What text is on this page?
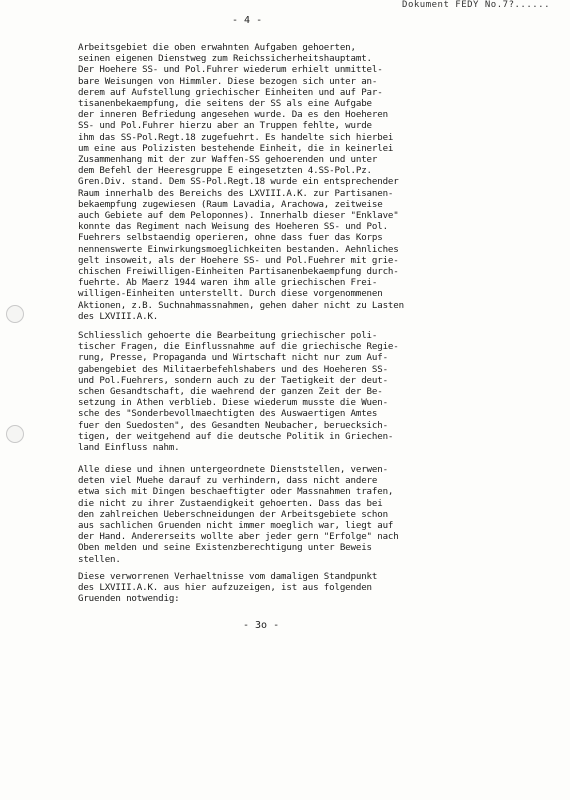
Dokument FEDY No.7?......
- 4 -
Arbeitsgebiet die oben erwahnten Aufgaben gehoerten,
seinen eigenen Dienstweg zum Reichssicherheitshauptamt.
Der Hoehere SS- und Pol.Fuhrer wiederum erhielt unmittel-
bare Weisungen von Himmler. Diese bezogen sich unter an-
derem auf Aufstellung griechischer Einheiten und auf Par-
tisanenbekaempfung, die seitens der SS als eine Aufgabe
der inneren Befriedung angesehen wurde. Da es den Hoeheren
SS- und Pol.Fuhrer hierzu aber an Truppen fehlte, wurde
ihm das SS-Pol.Regt.18 zugefuehrt. Es handelte sich hierbei
um eine aus Polizisten bestehende Einheit, die in keinerlei
Zusammenhang mit der zur Waffen-SS gehoerenden und unter
dem Befehl der Heeresgruppe E eingesetzten 4.SS-Pol.Pz.
Gren.Div. stand. Dem SS-Pol.Regt.18 wurde ein entsprechender
Raum innerhalb des Bereichs des LXVIII.A.K. zur Partisanen-
bekaempfung zugewiesen (Raum Lavadia, Arachowa, zeitweise
auch Gebiete auf dem Peloponnes). Innerhalb dieser "Enklave"
konnte das Regiment nach Weisung des Hoeheren SS- und Pol.
Fuehrers selbstaendig operieren, ohne dass fuer das Korps
nennenswerte Einwirkungsmoeglichkeiten bestanden. Aehnliches
gelt insoweit, als der Hoehere SS- und Pol.Fuehrer mit grie-
chischen Freiwilligen-Einheiten Partisanenbekaempfung durch-
fuehrte. Ab Maerz 1944 waren ihm alle griechischen Frei-
willigen-Einheiten unterstellt. Durch diese vorgenommenen
Aktionen, z.B. Suchnahmassnahmen, gehen daher nicht zu Lasten
des LXVIII.A.K.
Schliesslich gehoerte die Bearbeitung griechischer poli-
tischer Fragen, die Einflussnahme auf die griechische Regie-
rung, Presse, Propaganda und Wirtschaft nicht nur zum Auf-
gabengebiet des Militaerbefehlshabers und des Hoeheren SS-
und Pol.Fuehrers, sondern auch zu der Taetigkeit der deut-
schen Gesandtschaft, die waehrend der ganzen Zeit der Be-
setzung in Athen verblieb. Diese wiederum musste die Wuen-
sche des "Sonderbevollmaechtigten des Auswaertigen Amtes
fuer den Suedosten", des Gesandten Neubacher, beruecksich-
tigen, der weitgehend auf die deutsche Politik in Griechen-
land Einfluss nahm.
Alle diese und ihnen untergeordnete Dienststellen, verwen-
deten viel Muehe darauf zu verhindern, dass nicht andere
etwa sich mit Dingen beschaeftigter oder Massnahmen trafen,
die nicht zu ihrer Zustaendigkeit gehoerten. Dass das bei
den zahlreichen Ueberschneidungen der Arbeitsgebiete schon
aus sachlichen Gruenden nicht immer moeglich war, liegt auf
der Hand. Andererseits wollte aber jeder gern "Erfolge" nach
Oben melden und seine Existenzberechtigung unter Beweis
stellen.
Diese verworrenen Verhaeltnisse vom damaligen Standpunkt
des LXVIII.A.K. aus hier aufzuzeigen, ist aus folgenden
Gruenden notwendig:
- 3o -
